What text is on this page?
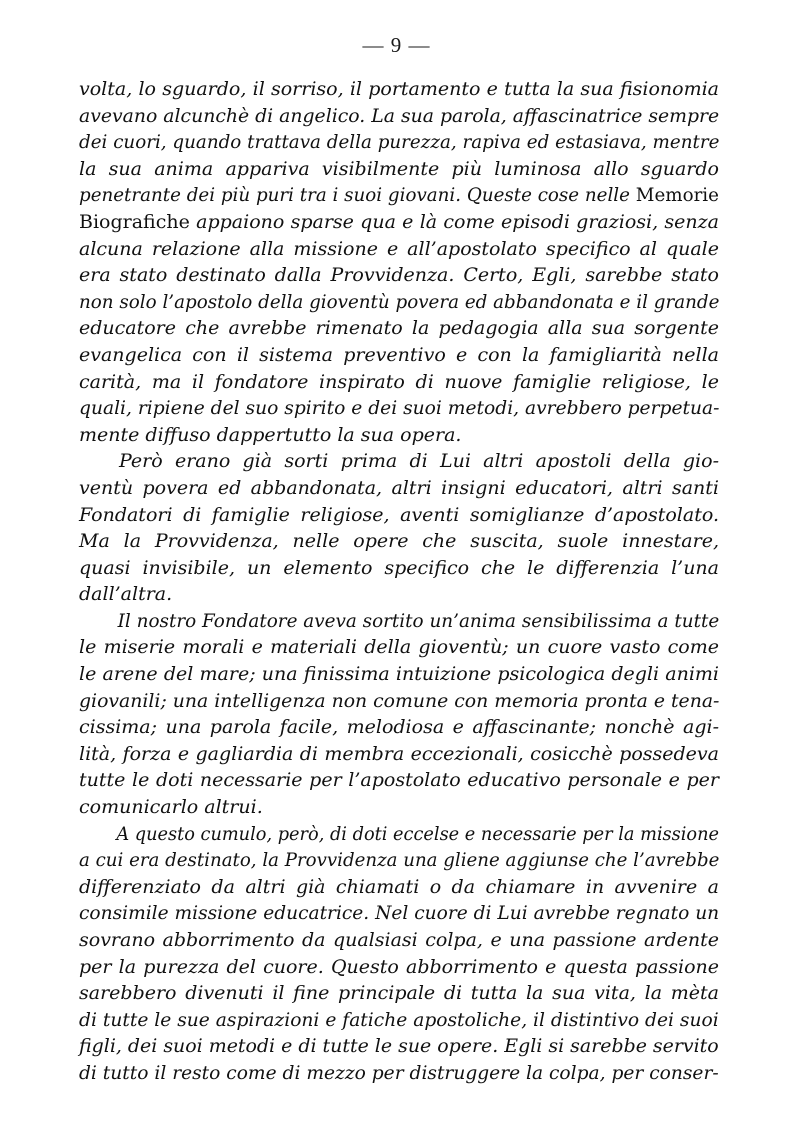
— 9 —
volta, lo sguardo, il sorriso, il portamento e tutta la sua fisionomia
avevano alcunchè di angelico. La sua parola, affascinatrice sempre
dei cuori, quando trattava della purezza, rapiva ed estasiava, mentre
la sua anima appariva visibilmente più luminosa allo sguardo
penetrante dei più puri tra i suoi giovani. Queste cose nelle Memorie
Biografiche appaiono sparse qua e là come episodi graziosi, senza
alcuna relazione alla missione e all’apostolato specifico al quale
era stato destinato dalla Provvidenza. Certo, Egli, sarebbe stato
non solo l’apostolo della gioventù povera ed abbandonata e il grande
educatore che avrebbe rimenato la pedagogia alla sua sorgente
evangelica con il sistema preventivo e con la famigliarità nella
carità, ma il fondatore inspirato di nuove famiglie religiose, le
quali, ripiene del suo spirito e dei suoi metodi, avrebbero perpetua-
mente diffuso dappertutto la sua opera.
Però erano già sorti prima di Lui altri apostoli della gio-
ventù povera ed abbandonata, altri insigni educatori, altri santi
Fondatori di famiglie religiose, aventi somiglianze d’apostolato.
Ma la Provvidenza, nelle opere che suscita, suole innestare,
quasi invisibile, un elemento specifico che le differenzia l’una
dall’altra.
Il nostro Fondatore aveva sortito un’anima sensibilissima a tutte
le miserie morali e materiali della gioventù; un cuore vasto come
le arene del mare; una finissima intuizione psicologica degli animi
giovanili; una intelligenza non comune con memoria pronta e tena-
cissima; una parola facile, melodiosa e affascinante; nonchè agi-
lità, forza e gagliardia di membra eccezionali, cosicchè possedeva
tutte le doti necessarie per l’apostolato educativo personale e per
comunicarlo altrui.
A questo cumulo, però, di doti eccelse e necessarie per la missione
a cui era destinato, la Provvidenza una gliene aggiunse che l’avrebbe
differenziato da altri già chiamati o da chiamare in avvenire a
consimile missione educatrice. Nel cuore di Lui avrebbe regnato un
sovrano abborrimento da qualsiasi colpa, e una passione ardente
per la purezza del cuore. Questo abborrimento e questa passione
sarebbero divenuti il fine principale di tutta la sua vita, la mèta
di tutte le sue aspirazioni e fatiche apostoliche, il distintivo dei suoi
figli, dei suoi metodi e di tutte le sue opere. Egli si sarebbe servito
di tutto il resto come di mezzo per distruggere la colpa, per conser-
